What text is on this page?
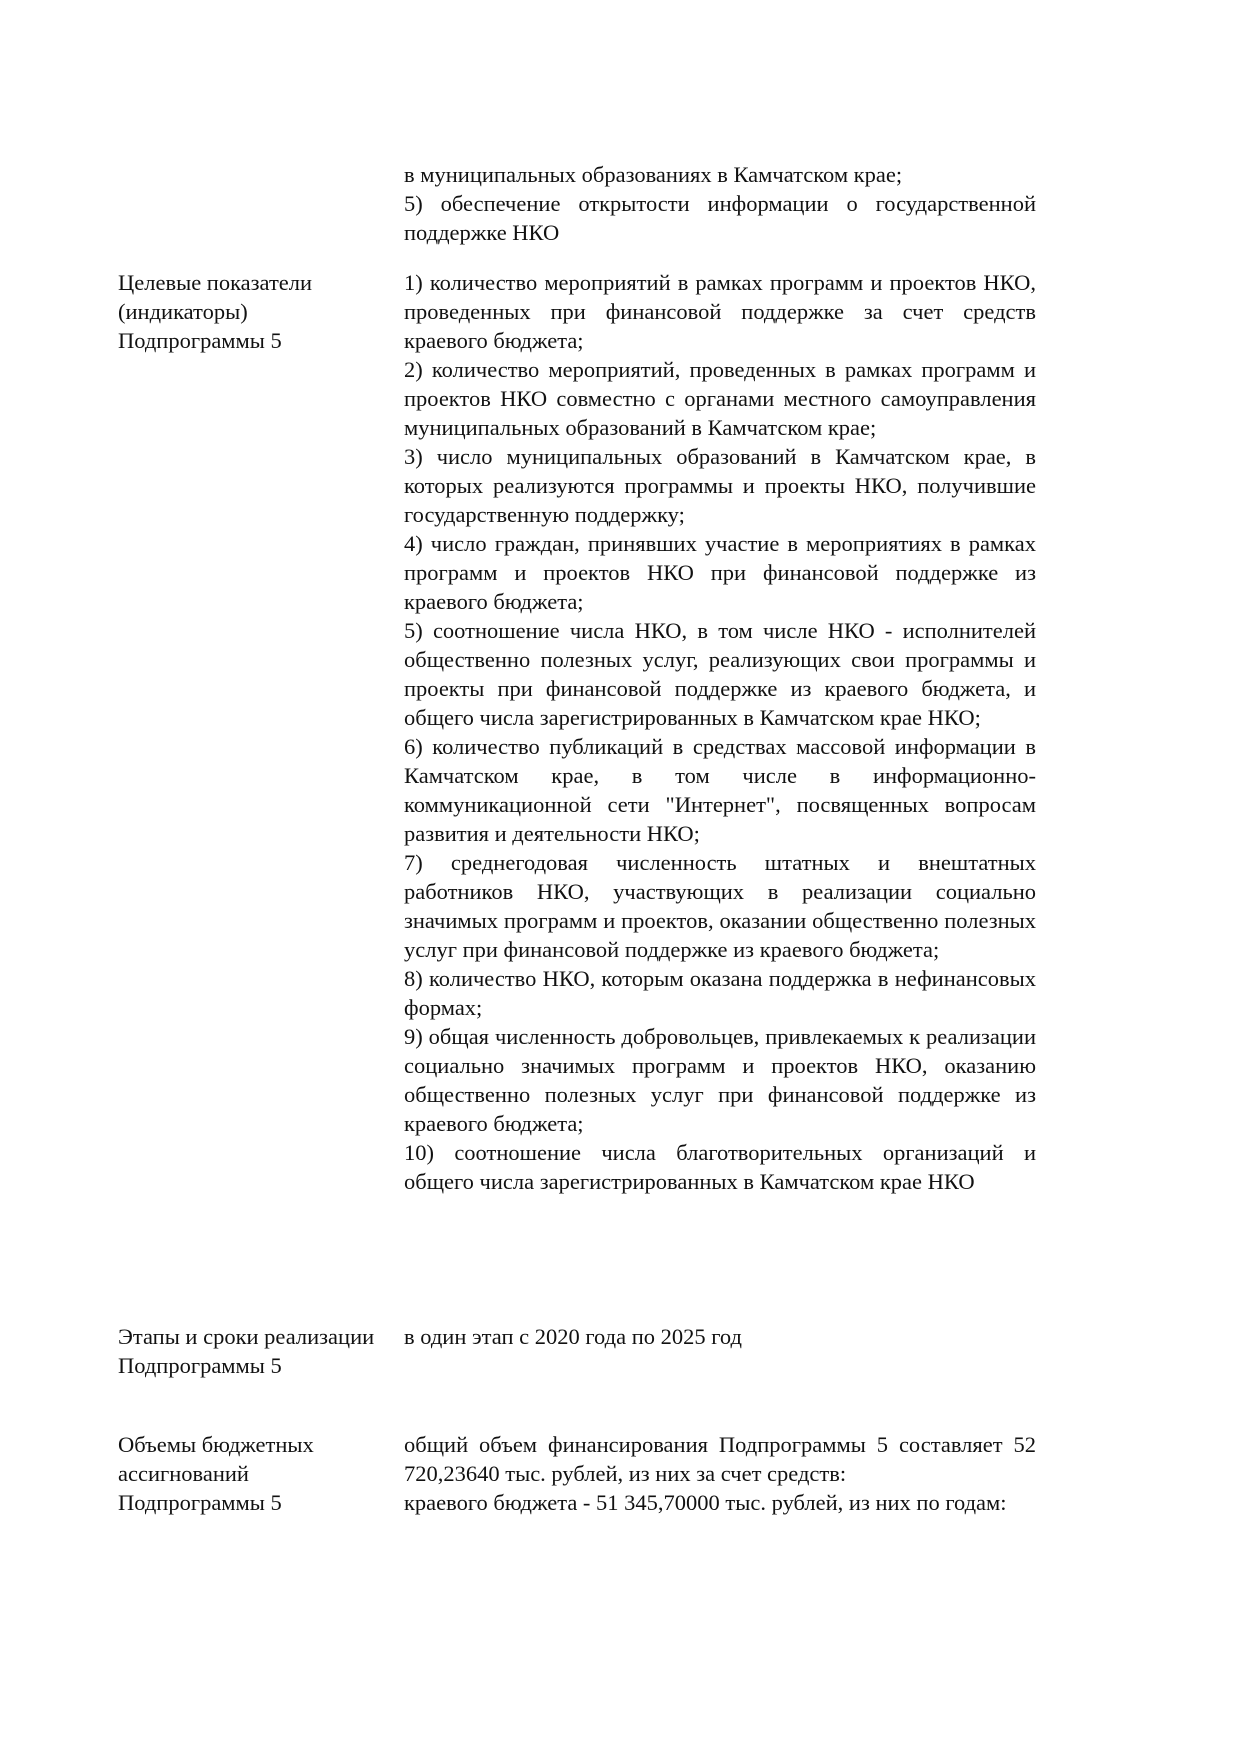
в муниципальных образованиях в Камчатском крае;

5) обеспечение открытости информации о государственной поддержке НКО

Целевые показатели (индикаторы) Подпрограммы 5

1) количество мероприятий в рамках программ и проектов НКО, проведенных при финансовой поддержке за счет средств краевого бюджета;

2) количество мероприятий, проведенных в рамках программ и проектов НКО совместно с органами местного самоуправления муниципальных образований в Камчатском крае;

3) число муниципальных образований в Камчатском крае, в которых реализуются программы и проекты НКО, получившие государственную поддержку;

4) число граждан, принявших участие в мероприятиях в рамках программ и проектов НКО при финансовой поддержке из краевого бюджета;

5) соотношение числа НКО, в том числе НКО - исполнителей общественно полезных услуг, реализующих свои программы и проекты при финансовой поддержке из краевого бюджета, и общего числа зарегистрированных в Камчатском крае НКО;

6) количество публикаций в средствах массовой информации в Камчатском крае, в том числе в информационно-коммуникационной сети "Интернет", посвященных вопросам развития и деятельности НКО;

7) среднегодовая численность штатных и внештатных работников НКО, участвующих в реализации социально значимых программ и проектов, оказании общественно полезных услуг при финансовой поддержке из краевого бюджета;

8) количество НКО, которым оказана поддержка в нефинансовых формах;

9) общая численность добровольцев, привлекаемых к реализации социально значимых программ и проектов НКО, оказанию общественно полезных услуг при финансовой поддержке из краевого бюджета;

10) соотношение числа благотворительных организаций и общего числа зарегистрированных в Камчатском крае НКО

Этапы и сроки реализации Подпрограммы 5

в один этап с 2020 года по 2025 год

Объемы бюджетных ассигнований Подпрограммы 5

общий объем финансирования Подпрограммы 5 составляет 52 720,23640 тыс. рублей, из них за счет средств:

краевого бюджета - 51 345,70000 тыс. рублей, из них по годам:
